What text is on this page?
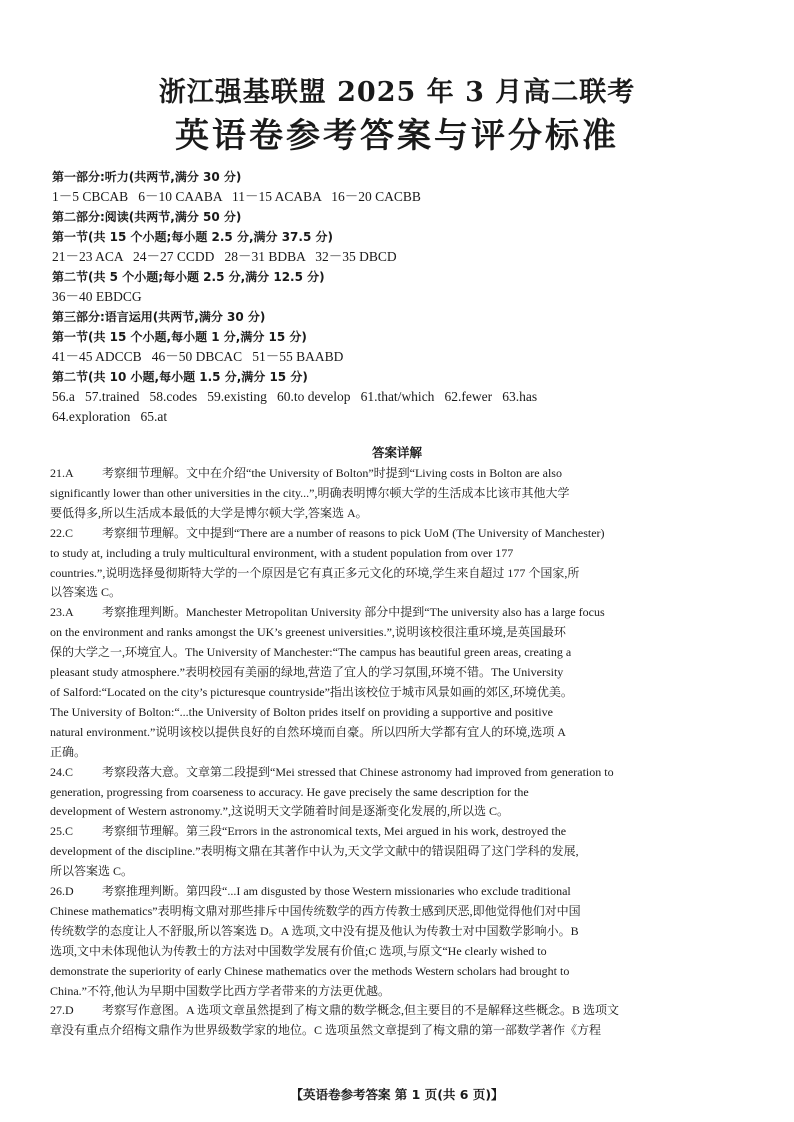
浙江强基联盟 2025 年 3 月高二联考
英语卷参考答案与评分标准
第一部分:听力(共两节,满分 30 分)
1－5 CBCAB   6－10 CAABA   11－15 ACABA   16－20 CACBB
第二部分:阅读(共两节,满分 50 分)
第一节(共 15 个小题;每小题 2.5 分,满分 37.5 分)
21－23 ACA   24－27 CCDD   28－31 BDBA   32－35 DBCD
第二节(共 5 个小题;每小题 2.5 分,满分 12.5 分)
36－40 EBDCG
第三部分:语言运用(共两节,满分 30 分)
第一节(共 15 个小题,每小题 1 分,满分 15 分)
41－45 ADCCB   46－50 DBCAC   51－55 BAABD
第二节(共 10 小题,每小题 1.5 分,满分 15 分)
56.a   57.trained   58.codes   59.existing   60.to develop   61.that/which   62.fewer   63.has
64.exploration   65.at
答案详解
21.A 考察细节理解。文中在介绍“the University of Bolton”时提到“Living costs in Bolton are also
significantly lower than other universities in the city...”,明确表明博尔顿大学的生活成本比该市其他大学
要低得多,所以生活成本最低的大学是博尔顿大学,答案选 A。
22.C 考察细节理解。文中提到“There are a number of reasons to pick UoM (The University of Manchester)
to study at, including a truly multicultural environment, with a student population from over 177
countries.”,说明选择曼彻斯特大学的一个原因是它有真正多元文化的环境,学生来自超过 177 个国家,所
以答案选 C。
23.A 考察推理判断。Manchester Metropolitan University 部分中提到“The university also has a large focus
on the environment and ranks amongst the UK’s greenest universities.”,说明该校很注重环境,是英国最环
保的大学之一,环境宜人。The University of Manchester:“The campus has beautiful green areas, creating a
pleasant study atmosphere.”表明校园有美丽的绿地,营造了宜人的学习氛围,环境不错。The University
of Salford:“Located on the city’s picturesque countryside”指出该校位于城市风景如画的郊区,环境优美。
The University of Bolton:“...the University of Bolton prides itself on providing a supportive and positive
natural environment.”说明该校以提供良好的自然环境而自豪。所以四所大学都有宜人的环境,选项 A
正确。
24.C 考察段落大意。文章第二段提到“Mei stressed that Chinese astronomy had improved from generation to
generation, progressing from coarseness to accuracy. He gave precisely the same description for the
development of Western astronomy.”,这说明天文学随着时间是逐渐变化发展的,所以选 C。
25.C 考察细节理解。第三段“Errors in the astronomical texts, Mei argued in his work, destroyed the
development of the discipline.”表明梅文鼎在其著作中认为,天文学文献中的错误阻碍了这门学科的发展,
所以答案选 C。
26.D 考察推理判断。第四段“...I am disgusted by those Western missionaries who exclude traditional
Chinese mathematics”表明梅文鼎对那些排斥中国传统数学的西方传教士感到厌恶,即他觉得他们对中国
传统数学的态度让人不舒服,所以答案选 D。A 选项,文中没有提及他认为传教士对中国数学影响小。B
选项,文中未体现他认为传教士的方法对中国数学发展有价值;C 选项,与原文“He clearly wished to
demonstrate the superiority of early Chinese mathematics over the methods Western scholars had brought to
China.”不符,他认为早期中国数学比西方学者带来的方法更优越。
27.D 考察写作意图。A 选项文章虽然提到了梅文鼎的数学概念,但主要目的不是解释这些概念。B 选项文
章没有重点介绍梅文鼎作为世界级数学家的地位。C 选项虽然文章提到了梅文鼎的第一部数学著作《方程
【英语卷参考答案 第 1 页(共 6 页)】
